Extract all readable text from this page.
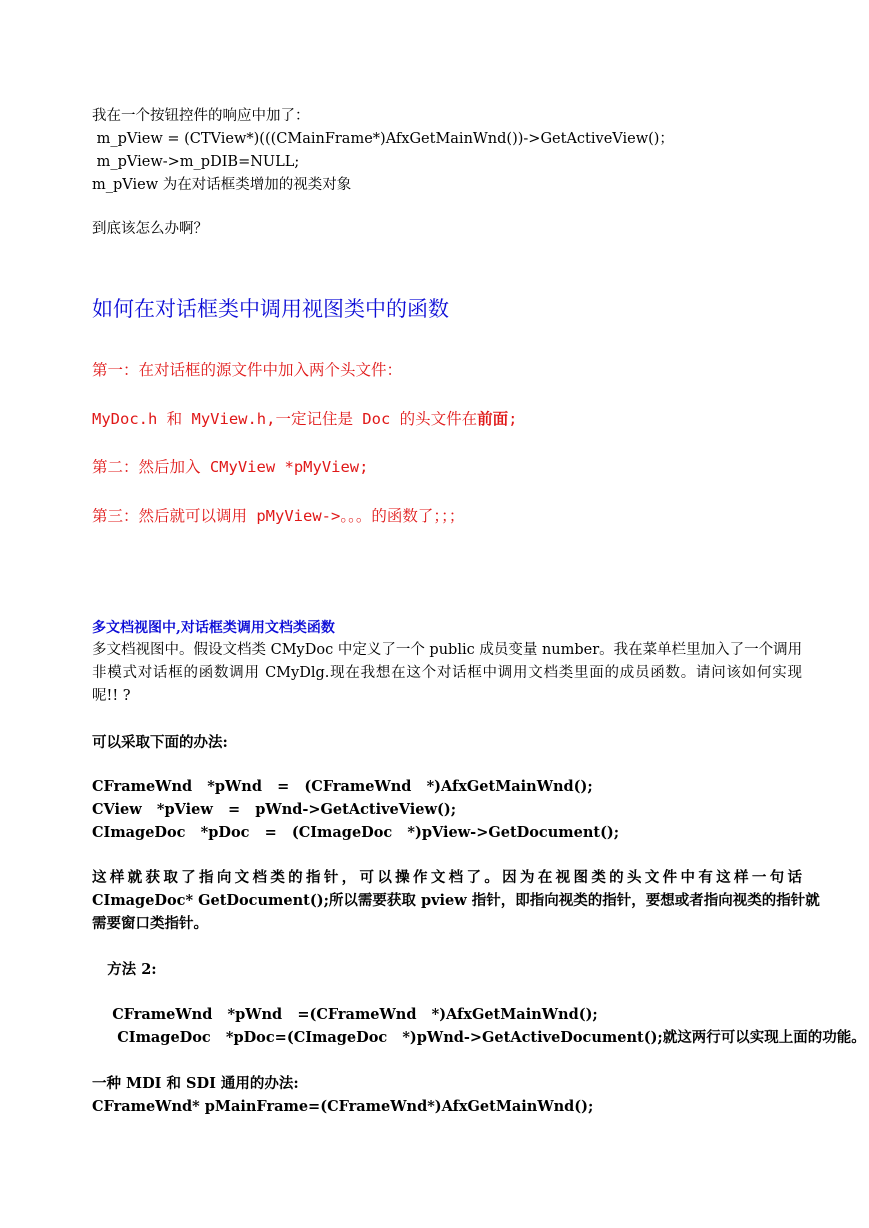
我在一个按钮控件的响应中加了：
m_pView = (CTView*)(((CMainFrame*)AfxGetMainWnd())->GetActiveView()；
m_pView->m_pDIB=NULL;
m_pView 为在对话框类增加的视类对象
到底该怎么办啊？
如何在对话框类中调用视图类中的函数
第一：在对话框的源文件中加入两个头文件：
MyDoc.h 和 MyView.h,一定记住是 Doc 的头文件在前面;
第二：然后加入 CMyView *pMyView;
第三：然后就可以调用 pMyView->。。。的函数了；；；
多文档视图中,对话框类调用文档类函数
多文档视图中。假设文档类 CMyDoc 中定义了一个 public 成员变量 number。我在菜单栏里加入了一个调用
非模式对话框的函数调用 CMyDlg.现在我想在这个对话框中调用文档类里面的成员函数。请问该如何实现
呢!! ?
可以采取下面的办法:
CFrameWnd   *pWnd   =   (CFrameWnd   *)AfxGetMainWnd();
CView   *pView   =   pWnd->GetActiveView();
CImageDoc   *pDoc   =   (CImageDoc   *)pView->GetDocument();
这样就获取了指向文档类的指针，可以操作文档了。因为在视图类的头文件中有这样一句话
CImageDoc* GetDocument();所以需要获取 pview 指针，即指向视类的指针，要想或者指向视类的指针就
需要窗口类指针。
方法 2:
CFrameWnd   *pWnd   =(CFrameWnd   *)AfxGetMainWnd();
CImageDoc   *pDoc=(CImageDoc   *)pWnd->GetActiveDocument();就这两行可以实现上面的功能。
一种 MDI 和 SDI 通用的办法:
CFrameWnd* pMainFrame=(CFrameWnd*)AfxGetMainWnd();
